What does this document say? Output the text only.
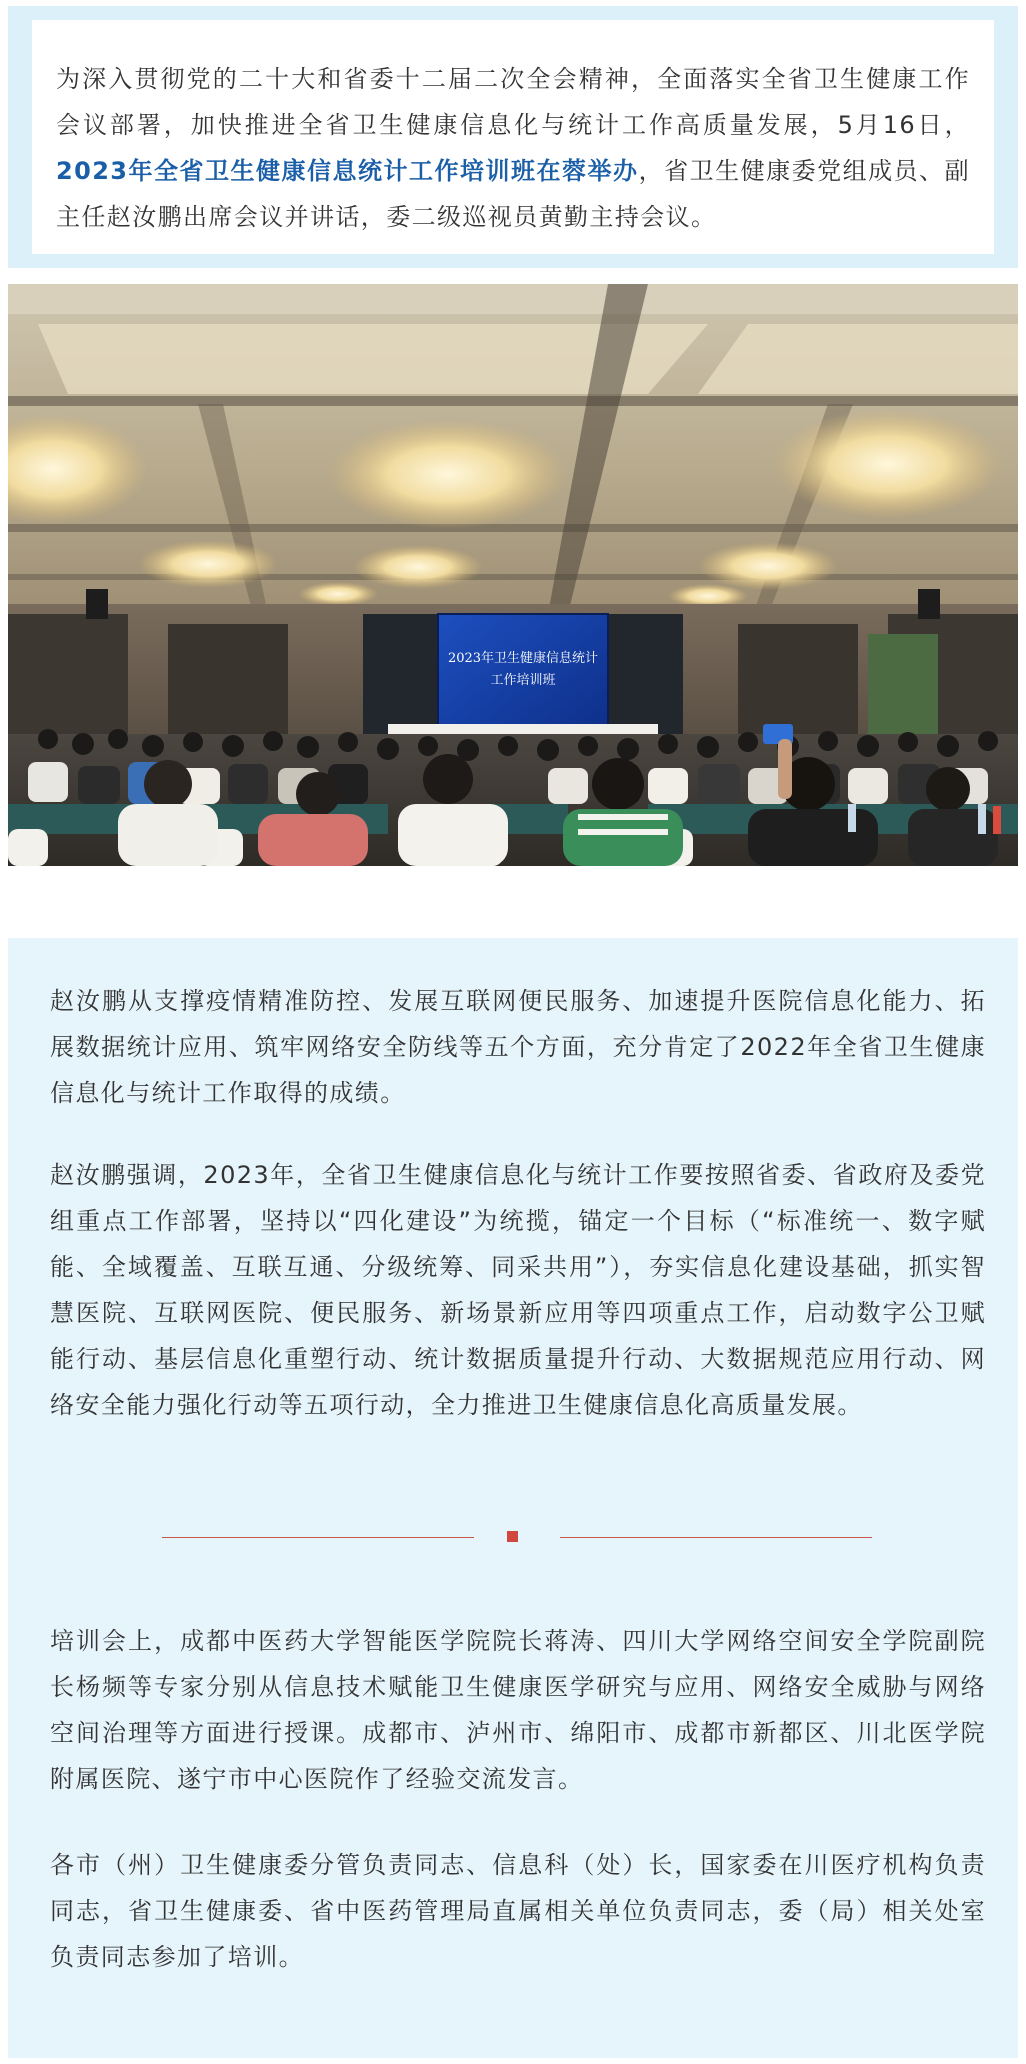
为深入贯彻党的二十大和省委十二届二次全会精神，全面落实全省卫生健康工作会议部署，加快推进全省卫生健康信息化与统计工作高质量发展，5月16日，2023年全省卫生健康信息统计工作培训班在蓉举办，省卫生健康委党组成员、副主任赵汝鹏出席会议并讲话，委二级巡视员黄勤主持会议。

2023年卫生健康信息统计
工作培训班

赵汝鹏从支撑疫情精准防控、发展互联网便民服务、加速提升医院信息化能力、拓展数据统计应用、筑牢网络安全防线等五个方面，充分肯定了2022年全省卫生健康信息化与统计工作取得的成绩。

赵汝鹏强调，2023年，全省卫生健康信息化与统计工作要按照省委、省政府及委党组重点工作部署，坚持以“四化建设”为统揽，锚定一个目标（“标准统一、数字赋能、全域覆盖、互联互通、分级统筹、同采共用”），夯实信息化建设基础，抓实智慧医院、互联网医院、便民服务、新场景新应用等四项重点工作，启动数字公卫赋能行动、基层信息化重塑行动、统计数据质量提升行动、大数据规范应用行动、网络安全能力强化行动等五项行动，全力推进卫生健康信息化高质量发展。

培训会上，成都中医药大学智能医学院院长蒋涛、四川大学网络空间安全学院副院长杨频等专家分别从信息技术赋能卫生健康医学研究与应用、网络安全威胁与网络空间治理等方面进行授课。成都市、泸州市、绵阳市、成都市新都区、川北医学院附属医院、遂宁市中心医院作了经验交流发言。

各市（州）卫生健康委分管负责同志、信息科（处）长，国家委在川医疗机构负责同志，省卫生健康委、省中医药管理局直属相关单位负责同志，委（局）相关处室负责同志参加了培训。
